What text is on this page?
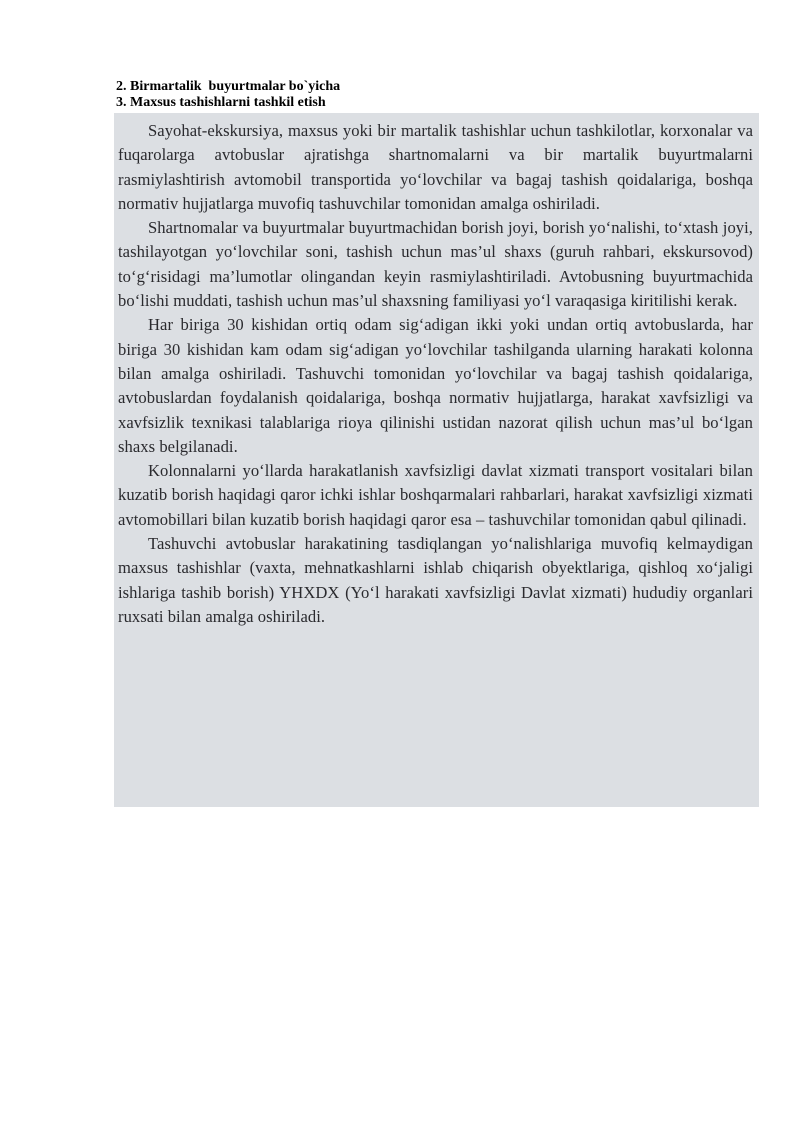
2. Birmartalik  buyurtmalar bo`yicha

3. Maxsus tashishlarni tashkil etish

Sayohat-ekskursiya, maxsus yoki bir martalik tashishlar uchun tashkilotlar, korxonalar va fuqarolarga avtobuslar ajratishga shartnomalarni va bir martalik buyurtmalarni rasmiylashtirish avtomobil transportida yo‘lovchilar va bagaj tashish qoidalariga, boshqa normativ hujjatlarga muvofiq tashuvchilar tomonidan amalga oshiriladi.

Shartnomalar va buyurtmalar buyurtmachidan borish joyi, borish yo‘nalishi, to‘xtash joyi, tashilayotgan yo‘lovchilar soni, tashish uchun mas’ul shaxs (guruh rahbari, ekskursovod) to‘g‘risidagi ma’lumotlar olingandan keyin rasmiylashtiriladi. Avtobusning buyurtmachida bo‘lishi muddati, tashish uchun mas’ul shaxsning familiyasi yo‘l varaqasiga kiritilishi kerak.

Har biriga 30 kishidan ortiq odam sig‘adigan ikki yoki undan ortiq avtobuslarda, har biriga 30 kishidan kam odam sig‘adigan yo‘lovchilar tashilganda ularning harakati kolonna bilan amalga oshiriladi. Tashuvchi tomonidan yo‘lovchilar va bagaj tashish qoidalariga, avtobuslardan foydalanish qoidalariga, boshqa normativ hujjatlarga, harakat xavfsizligi va xavfsizlik texnikasi talablariga rioya qilinishi ustidan nazorat qilish uchun mas’ul bo‘lgan shaxs belgilanadi.

Kolonnalarni yo‘llarda harakatlanish xavfsizligi davlat xizmati transport vositalari bilan kuzatib borish haqidagi qaror ichki ishlar boshqarmalari rahbarlari, harakat xavfsizligi xizmati avtomobillari bilan kuzatib borish haqidagi qaror esa – tashuvchilar tomonidan qabul qilinadi.

Tashuvchi avtobuslar harakatining tasdiqlangan yo‘nalishlariga muvofiq kelmaydigan maxsus tashishlar (vaxta, mehnatkashlarni ishlab chiqarish obyektlariga, qishloq xo‘jaligi ishlariga tashib borish) YHXDX (Yo‘l harakati xavfsizligi Davlat xizmati) hududiy organlari ruxsati bilan amalga oshiriladi.
